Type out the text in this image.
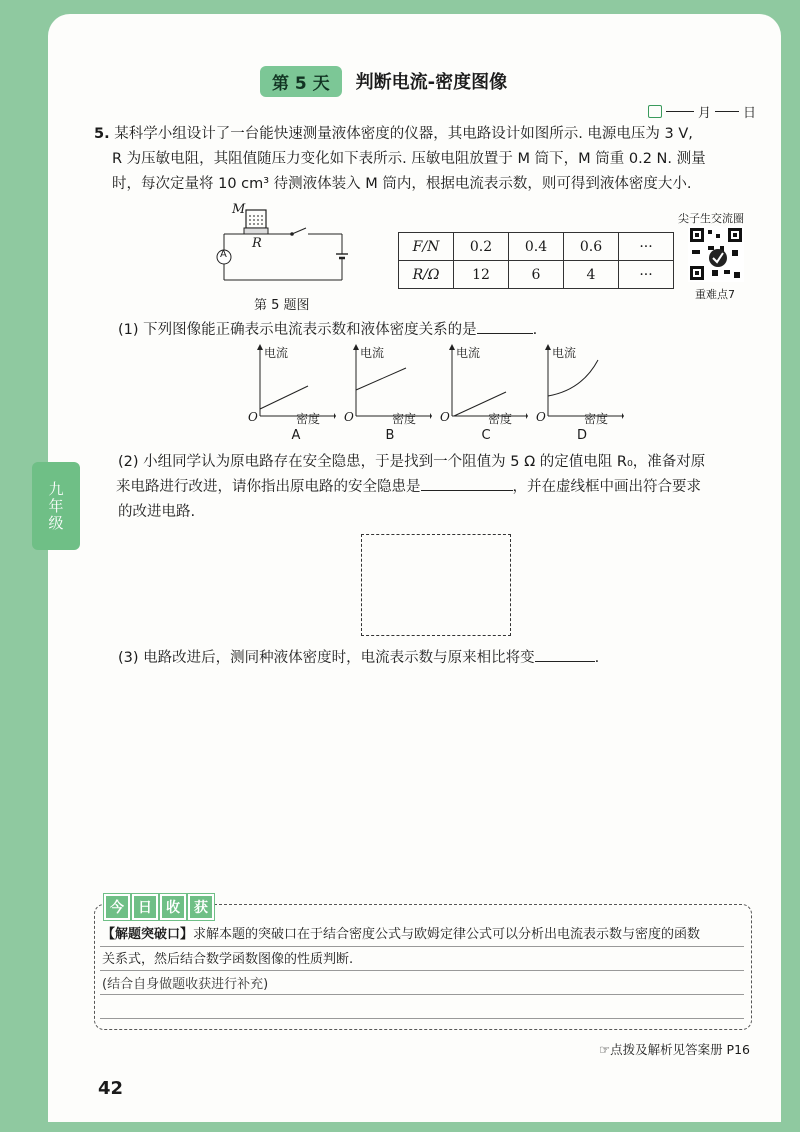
第 5 天	判断电流-密度图像
月 日
5. 某科学小组设计了一台能快速测量液体密度的仪器，其电路设计如图所示. 电源电压为 3 V,
R 为压敏电阻，其阻值随压力变化如下表所示. 压敏电阻放置于 M 筒下，M 筒重 0.2 N. 测量
时，每次定量将 10 cm³ 待测液体装入 M 筒内，根据电流表示数，则可得到液体密度大小.
M
R
A
第 5 题图
F/N	0.2	0.4	0.6	···
R/Ω	12	6	4	···
尖子生交流圈
重难点7
(1) 下列图像能正确表示电流表示数和液体密度关系的是	.
电流
O	密度
A
电流
O	密度
B
电流
O	密度
C
电流
O	密度
D
(2) 小组同学认为原电路存在安全隐患，于是找到一个阻值为 5 Ω 的定值电阻 R₀，准备对原
来电路进行改进，请你指出原电路的安全隐患是	，并在虚线框中画出符合要求
的改进电路.
(3) 电路改进后，测同种液体密度时，电流表示数与原来相比将变	.
九年级
今	日	收	获
【解题突破口】求解本题的突破口在于结合密度公式与欧姆定律公式可以分析出电流表示数与密度的函数
关系式，然后结合数学函数图像的性质判断.
(结合自身做题收获进行补充)
☞点拨及解析见答案册 P16
42
